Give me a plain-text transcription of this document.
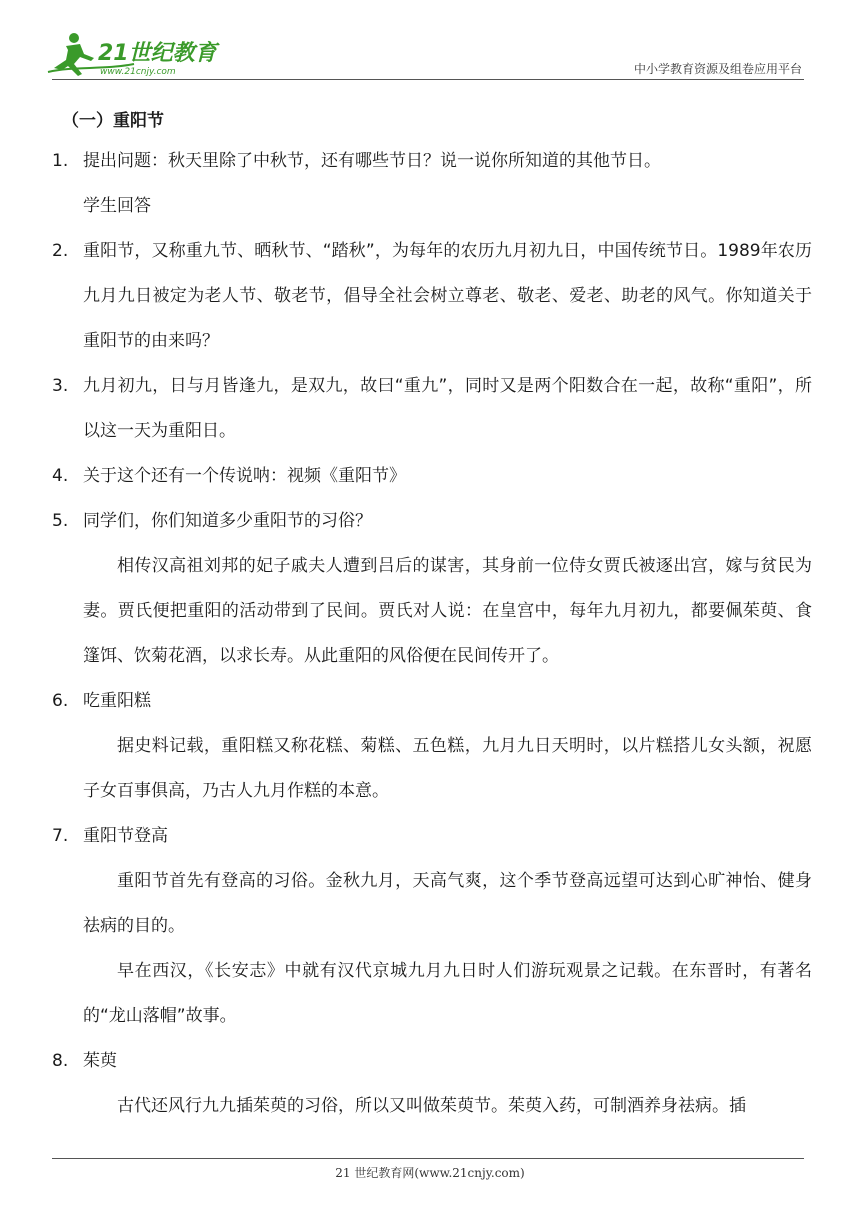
21世纪教育
www.21cnjy.com	中小学教育资源及组卷应用平台
（一）重阳节
1. 提出问题：秋天里除了中秋节，还有哪些节日？说一说你所知道的其他节日。
学生回答
2. 重阳节，又称重九节、晒秋节、“踏秋”，为每年的农历九月初九日，中国传统节日。1989年农历九月九日被定为老人节、敬老节，倡导全社会树立尊老、敬老、爱老、助老的风气。你知道关于重阳节的由来吗？
3. 九月初九，日与月皆逢九，是双九，故曰“重九”，同时又是两个阳数合在一起，故称“重阳”，所以这一天为重阳日。
4. 关于这个还有一个传说呐：视频《重阳节》
5. 同学们，你们知道多少重阳节的习俗？
相传汉高祖刘邦的妃子戚夫人遭到吕后的谋害，其身前一位侍女贾氏被逐出宫，嫁与贫民为妻。贾氏便把重阳的活动带到了民间。贾氏对人说：在皇宫中，每年九月初九，都要佩茱萸、食篷饵、饮菊花酒，以求长寿。从此重阳的风俗便在民间传开了。
6. 吃重阳糕
据史料记载，重阳糕又称花糕、菊糕、五色糕，九月九日天明时，以片糕搭儿女头额，祝愿子女百事俱高，乃古人九月作糕的本意。
7. 重阳节登高
重阳节首先有登高的习俗。金秋九月，天高气爽，这个季节登高远望可达到心旷神怡、健身祛病的目的。
早在西汉，《长安志》中就有汉代京城九月九日时人们游玩观景之记载。在东晋时，有著名的“龙山落帽”故事。
8. 茱萸
古代还风行九九插茱萸的习俗，所以又叫做茱萸节。茱萸入药，可制酒养身祛病。插
21 世纪教育网(www.21cnjy.com)
